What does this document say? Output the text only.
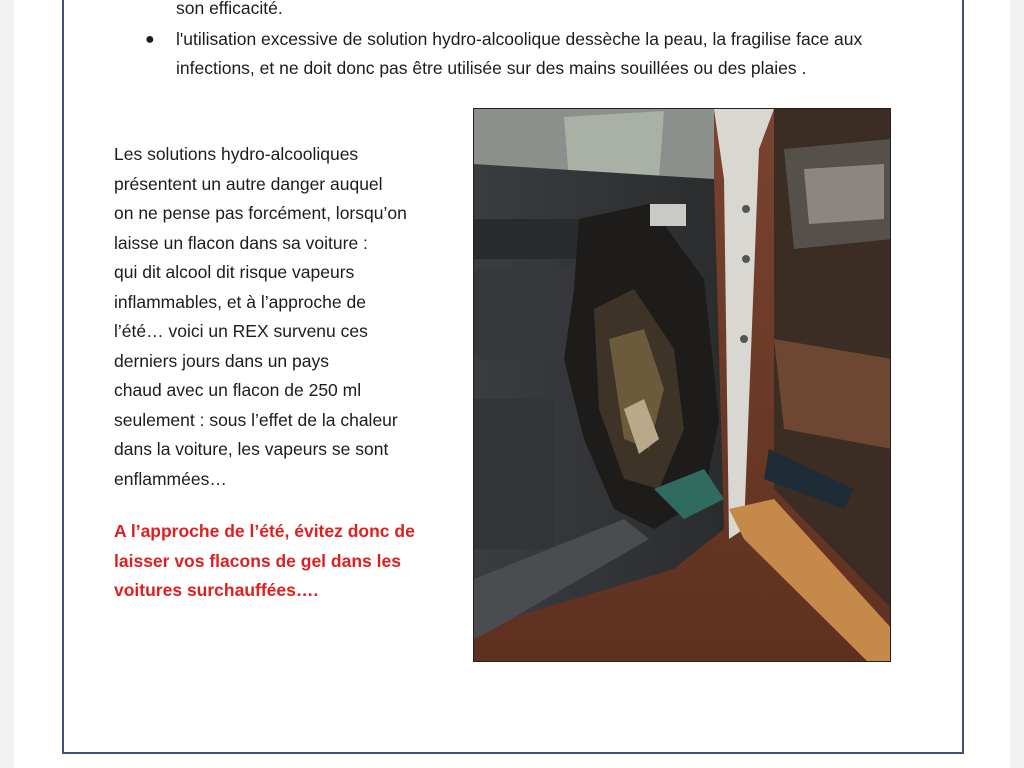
son efficacité.
● l'utilisation excessive de solution hydro-alcoolique dessèche la peau, la fragilise face aux infections, et ne doit donc pas être utilisée sur des mains souillées ou des plaies .
Les solutions hydro-alcooliques
présentent un autre danger auquel
on ne pense pas forcément, lorsqu’on
laisse un flacon dans sa voiture :
qui dit alcool dit risque vapeurs
inflammables, et à l’approche de
l’été… voici un REX survenu ces
derniers jours dans un pays
chaud avec un flacon de 250 ml
seulement : sous l’effet de la chaleur
dans la voiture, les vapeurs se sont
enflammées…
A l’approche de l’été, évitez donc de
laisser vos flacons de gel dans les
voitures surchauffées….
